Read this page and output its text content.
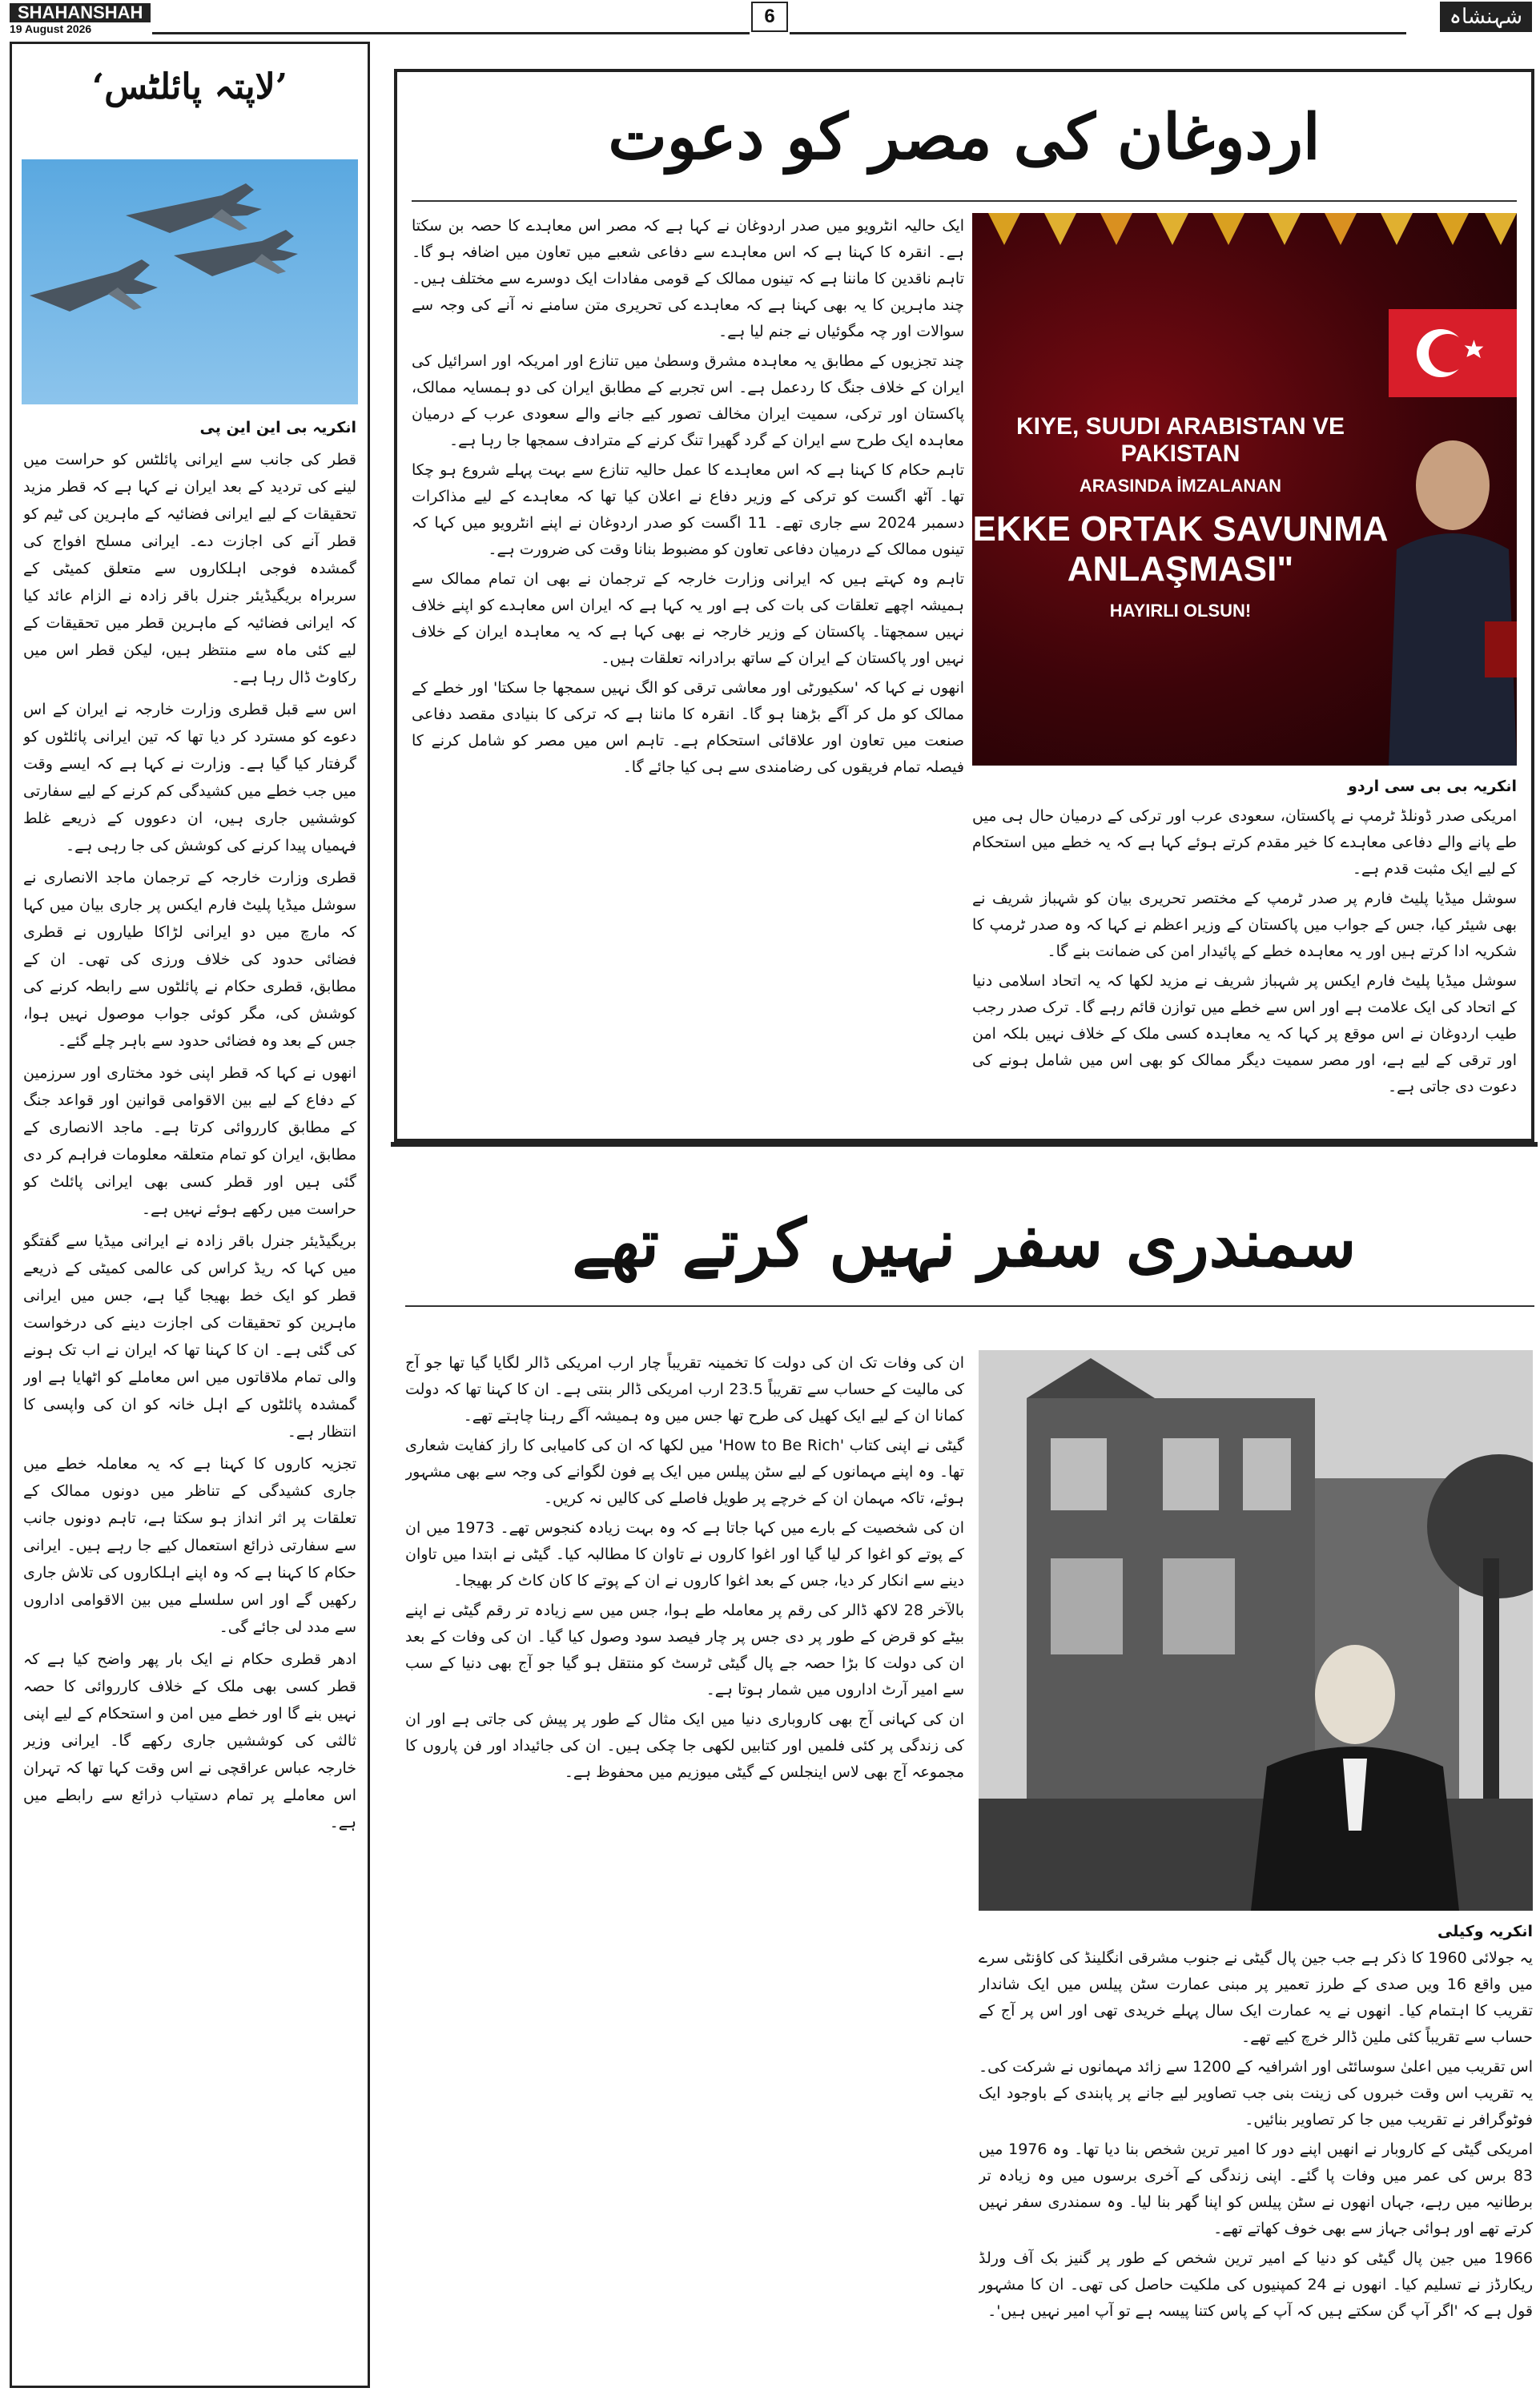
SHAHANSHAH
19 August 2026
6	شہنشاہ
’لاپتہ پائلٹس‘

انکریہ بی این این پی

قطر کی جانب سے ایرانی پائلٹس کو حراست میں لینے کی تردید کے بعد ایران نے کہا ہے کہ قطر مزید تحقیقات کے لیے ایرانی فضائیہ کے ماہرین کی ٹیم کو قطر آنے کی اجازت دے۔ ایرانی مسلح افواج کی گمشدہ فوجی اہلکاروں سے متعلق کمیٹی کے سربراہ بریگیڈیئر جنرل باقر زادہ نے الزام عائد کیا کہ ایرانی فضائیہ کے ماہرین قطر میں تحقیقات کے لیے کئی ماہ سے منتظر ہیں، لیکن قطر اس میں رکاوٹ ڈال رہا ہے۔

اس سے قبل قطری وزارت خارجہ نے ایران کے اس دعوے کو مسترد کر دیا تھا کہ تین ایرانی پائلٹوں کو گرفتار کیا گیا ہے۔ وزارت نے کہا ہے کہ ایسے وقت میں جب خطے میں کشیدگی کم کرنے کے لیے سفارتی کوششیں جاری ہیں، ان دعووں کے ذریعے غلط فہمیاں پیدا کرنے کی کوشش کی جا رہی ہے۔

قطری وزارت خارجہ کے ترجمان ماجد الانصاری نے سوشل میڈیا پلیٹ فارم ایکس پر جاری بیان میں کہا کہ مارچ میں دو ایرانی لڑاکا طیاروں نے قطری فضائی حدود کی خلاف ورزی کی تھی۔ ان کے مطابق، قطری حکام نے پائلٹوں سے رابطہ کرنے کی کوشش کی، مگر کوئی جواب موصول نہیں ہوا، جس کے بعد وہ فضائی حدود سے باہر چلے گئے۔

انھوں نے کہا کہ قطر اپنی خود مختاری اور سرزمین کے دفاع کے لیے بین الاقوامی قوانین اور قواعد جنگ کے مطابق کارروائی کرتا ہے۔ ماجد الانصاری کے مطابق، ایران کو تمام متعلقہ معلومات فراہم کر دی گئی ہیں اور قطر کسی بھی ایرانی پائلٹ کو حراست میں رکھے ہوئے نہیں ہے۔

بریگیڈیئر جنرل باقر زادہ نے ایرانی میڈیا سے گفتگو میں کہا کہ ریڈ کراس کی عالمی کمیٹی کے ذریعے قطر کو ایک خط بھیجا گیا ہے، جس میں ایرانی ماہرین کو تحقیقات کی اجازت دینے کی درخواست کی گئی ہے۔ ان کا کہنا تھا کہ ایران نے اب تک ہونے والی تمام ملاقاتوں میں اس معاملے کو اٹھایا ہے اور گمشدہ پائلٹوں کے اہل خانہ کو ان کی واپسی کا انتظار ہے۔

تجزیہ کاروں کا کہنا ہے کہ یہ معاملہ خطے میں جاری کشیدگی کے تناظر میں دونوں ممالک کے تعلقات پر اثر انداز ہو سکتا ہے، تاہم دونوں جانب سے سفارتی ذرائع استعمال کیے جا رہے ہیں۔ ایرانی حکام کا کہنا ہے کہ وہ اپنے اہلکاروں کی تلاش جاری رکھیں گے اور اس سلسلے میں بین الاقوامی اداروں سے مدد لی جائے گی۔

ادھر قطری حکام نے ایک بار پھر واضح کیا ہے کہ قطر کسی بھی ملک کے خلاف کارروائی کا حصہ نہیں بنے گا اور خطے میں امن و استحکام کے لیے اپنی ثالثی کی کوششیں جاری رکھے گا۔ ایرانی وزیر خارجہ عباس عراقچی نے اس وقت کہا تھا کہ تہران اس معاملے پر تمام دستیاب ذرائع سے رابطے میں ہے۔

اردوغان کی مصر کو دعوت
KIYE, SUUDI ARABISTAN VE PAKISTAN
ARASINDA İMZALANAN
EKKE ORTAK SAVUNMA
ANLAŞMASI"
HAYIRLI OLSUN!

انکریہ بی بی سی اردو

امریکی صدر ڈونلڈ ٹرمپ نے پاکستان، سعودی عرب اور ترکی کے درمیان حال ہی میں طے پانے والے دفاعی معاہدے کا خیر مقدم کرتے ہوئے کہا ہے کہ یہ خطے میں استحکام کے لیے ایک مثبت قدم ہے۔

سوشل میڈیا پلیٹ فارم پر صدر ٹرمپ کے مختصر تحریری بیان کو شہباز شریف نے بھی شیئر کیا، جس کے جواب میں پاکستان کے وزیر اعظم نے کہا کہ وہ صدر ٹرمپ کا شکریہ ادا کرتے ہیں اور یہ معاہدہ خطے کے پائیدار امن کی ضمانت بنے گا۔

سوشل میڈیا پلیٹ فارم ایکس پر شہباز شریف نے مزید لکھا کہ یہ اتحاد اسلامی دنیا کے اتحاد کی ایک علامت ہے اور اس سے خطے میں توازن قائم رہے گا۔ ترک صدر رجب طیب اردوغان نے اس موقع پر کہا کہ یہ معاہدہ کسی ملک کے خلاف نہیں بلکہ امن اور ترقی کے لیے ہے، اور مصر سمیت دیگر ممالک کو بھی اس میں شامل ہونے کی دعوت دی جاتی ہے۔

ایک حالیہ انٹرویو میں صدر اردوغان نے کہا ہے کہ مصر اس معاہدے کا حصہ بن سکتا ہے۔ انقرہ کا کہنا ہے کہ اس معاہدے سے دفاعی شعبے میں تعاون میں اضافہ ہو گا۔ تاہم ناقدین کا ماننا ہے کہ تینوں ممالک کے قومی مفادات ایک دوسرے سے مختلف ہیں۔ چند ماہرین کا یہ بھی کہنا ہے کہ معاہدے کی تحریری متن سامنے نہ آنے کی وجہ سے سوالات اور چہ مگوئیاں نے جنم لیا ہے۔

چند تجزیوں کے مطابق یہ معاہدہ مشرق وسطیٰ میں تنازع اور امریکہ اور اسرائیل کی ایران کے خلاف جنگ کا ردعمل ہے۔ اس تجربے کے مطابق ایران کی دو ہمسایہ ممالک، پاکستان اور ترکی، سمیت ایران مخالف تصور کیے جانے والے سعودی عرب کے درمیان معاہدہ ایک طرح سے ایران کے گرد گھیرا تنگ کرنے کے مترادف سمجھا جا رہا ہے۔

تاہم حکام کا کہنا ہے کہ اس معاہدے کا عمل حالیہ تنازع سے بہت پہلے شروع ہو چکا تھا۔ آٹھ اگست کو ترکی کے وزیر دفاع نے اعلان کیا تھا کہ معاہدے کے لیے مذاکرات دسمبر 2024 سے جاری تھے۔ 11 اگست کو صدر اردوغان نے اپنے انٹرویو میں کہا کہ تینوں ممالک کے درمیان دفاعی تعاون کو مضبوط بنانا وقت کی ضرورت ہے۔

تاہم وہ کہتے ہیں کہ ایرانی وزارت خارجہ کے ترجمان نے بھی ان تمام ممالک سے ہمیشہ اچھے تعلقات کی بات کی ہے اور یہ کہا ہے کہ ایران اس معاہدے کو اپنے خلاف نہیں سمجھتا۔ پاکستان کے وزیر خارجہ نے بھی کہا ہے کہ یہ معاہدہ ایران کے خلاف نہیں اور پاکستان کے ایران کے ساتھ برادرانہ تعلقات ہیں۔

انھوں نے کہا کہ 'سکیورٹی اور معاشی ترقی کو الگ نہیں سمجھا جا سکتا' اور خطے کے ممالک کو مل کر آگے بڑھنا ہو گا۔ انقرہ کا ماننا ہے کہ ترکی کا بنیادی مقصد دفاعی صنعت میں تعاون اور علاقائی استحکام ہے۔ تاہم اس میں مصر کو شامل کرنے کا فیصلہ تمام فریقوں کی رضامندی سے ہی کیا جائے گا۔

سمندری سفر نہیں کرتے تھے

انکریہ وکیلی

یہ جولائی 1960 کا ذکر ہے جب جین پال گیٹی نے جنوب مشرقی انگلینڈ کی کاؤنٹی سرے میں واقع 16 ویں صدی کے طرز تعمیر پر مبنی عمارت سٹن پیلس میں ایک شاندار تقریب کا اہتمام کیا۔ انھوں نے یہ عمارت ایک سال پہلے خریدی تھی اور اس پر آج کے حساب سے تقریباً کئی ملین ڈالر خرچ کیے تھے۔

اس تقریب میں اعلیٰ سوسائٹی اور اشرافیہ کے 1200 سے زائد مہمانوں نے شرکت کی۔ یہ تقریب اس وقت خبروں کی زینت بنی جب تصاویر لیے جانے پر پابندی کے باوجود ایک فوٹوگرافر نے تقریب میں جا کر تصاویر بنائیں۔

امریکی گیٹی کے کاروبار نے انھیں اپنے دور کا امیر ترین شخص بنا دیا تھا۔ وہ 1976 میں 83 برس کی عمر میں وفات پا گئے۔ اپنی زندگی کے آخری برسوں میں وہ زیادہ تر برطانیہ میں رہے، جہاں انھوں نے سٹن پیلس کو اپنا گھر بنا لیا۔ وہ سمندری سفر نہیں کرتے تھے اور ہوائی جہاز سے بھی خوف کھاتے تھے۔

1966 میں جین پال گیٹی کو دنیا کے امیر ترین شخص کے طور پر گنیز بک آف ورلڈ ریکارڈز نے تسلیم کیا۔ انھوں نے 24 کمپنیوں کی ملکیت حاصل کی تھی۔ ان کا مشہور قول ہے کہ 'اگر آپ گن سکتے ہیں کہ آپ کے پاس کتنا پیسہ ہے تو آپ امیر نہیں ہیں'۔

ان کی وفات تک ان کی دولت کا تخمینہ تقریباً چار ارب امریکی ڈالر لگایا گیا تھا جو آج کی مالیت کے حساب سے تقریباً 23.5 ارب امریکی ڈالر بنتی ہے۔ ان کا کہنا تھا کہ دولت کمانا ان کے لیے ایک کھیل کی طرح تھا جس میں وہ ہمیشہ آگے رہنا چاہتے تھے۔

گیٹی نے اپنی کتاب 'How to Be Rich' میں لکھا کہ ان کی کامیابی کا راز کفایت شعاری تھا۔ وہ اپنے مہمانوں کے لیے سٹن پیلس میں ایک پے فون لگوانے کی وجہ سے بھی مشہور ہوئے، تاکہ مہمان ان کے خرچے پر طویل فاصلے کی کالیں نہ کریں۔

ان کی شخصیت کے بارے میں کہا جاتا ہے کہ وہ بہت زیادہ کنجوس تھے۔ 1973 میں ان کے پوتے کو اغوا کر لیا گیا اور اغوا کاروں نے تاوان کا مطالبہ کیا۔ گیٹی نے ابتدا میں تاوان دینے سے انکار کر دیا، جس کے بعد اغوا کاروں نے ان کے پوتے کا کان کاٹ کر بھیجا۔

بالآخر 28 لاکھ ڈالر کی رقم پر معاملہ طے ہوا، جس میں سے زیادہ تر رقم گیٹی نے اپنے بیٹے کو قرض کے طور پر دی جس پر چار فیصد سود وصول کیا گیا۔ ان کی وفات کے بعد ان کی دولت کا بڑا حصہ جے پال گیٹی ٹرسٹ کو منتقل ہو گیا جو آج بھی دنیا کے سب سے امیر آرٹ اداروں میں شمار ہوتا ہے۔

ان کی کہانی آج بھی کاروباری دنیا میں ایک مثال کے طور پر پیش کی جاتی ہے اور ان کی زندگی پر کئی فلمیں اور کتابیں لکھی جا چکی ہیں۔ ان کی جائیداد اور فن پاروں کا مجموعہ آج بھی لاس اینجلس کے گیٹی میوزیم میں محفوظ ہے۔
